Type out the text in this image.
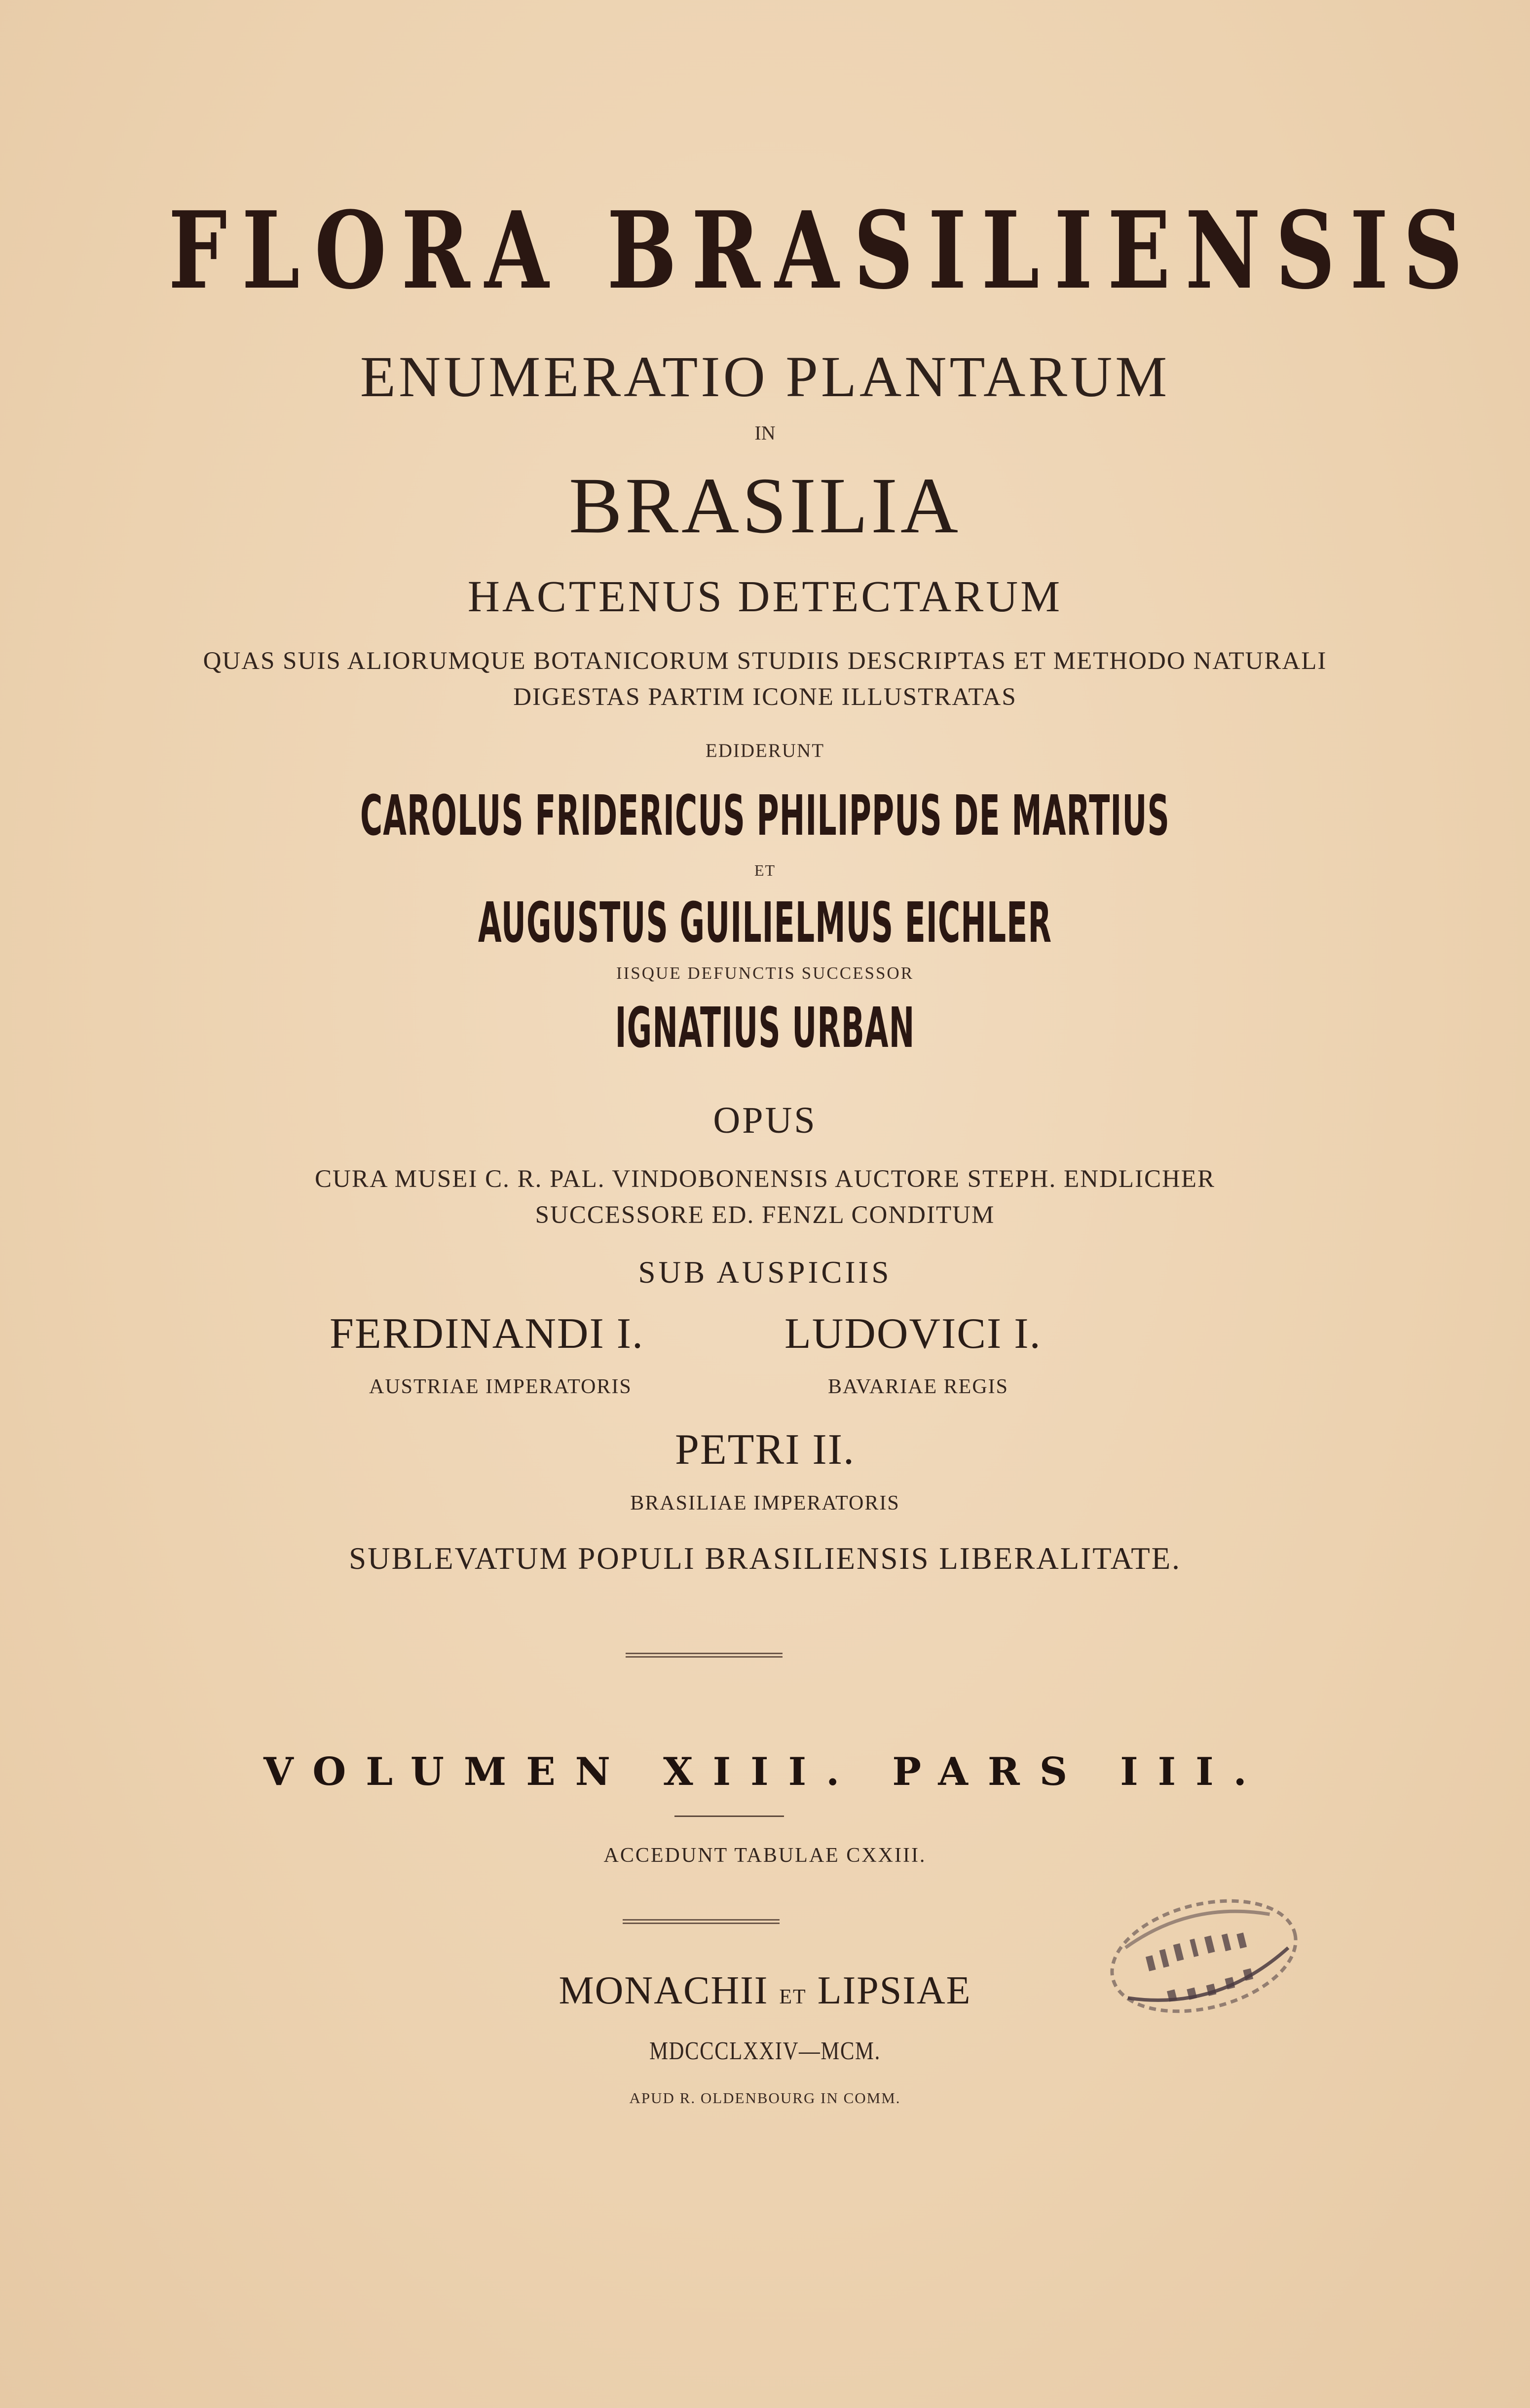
FLORA BRASILIENSIS
ENUMERATIO PLANTARUM
IN
BRASILIA
HACTENUS DETECTARUM
QUAS SUIS ALIORUMQUE BOTANICORUM STUDIIS DESCRIPTAS ET METHODO NATURALI
DIGESTAS PARTIM ICONE ILLUSTRATAS
EDIDERUNT
CAROLUS FRIDERICUS PHILIPPUS DE MARTIUS
ET
AUGUSTUS GUILIELMUS EICHLER
IISQUE DEFUNCTIS SUCCESSOR
IGNATIUS URBAN
OPUS
CURA MUSEI C. R. PAL. VINDOBONENSIS AUCTORE STEPH. ENDLICHER
SUCCESSORE ED. FENZL CONDITUM
SUB AUSPICIIS
FERDINANDI I.	LUDOVICI I.
AUSTRIAE IMPERATORIS	BAVARIAE REGIS
PETRI II.
BRASILIAE IMPERATORIS
SUBLEVATUM POPULI BRASILIENSIS LIBERALITATE.
VOLUMEN XIII. PARS III.
ACCEDUNT TABULAE CXXIII.
MONACHII ET LIPSIAE
MDCCCLXXIV—MCM.
APUD R. OLDENBOURG IN COMM.
